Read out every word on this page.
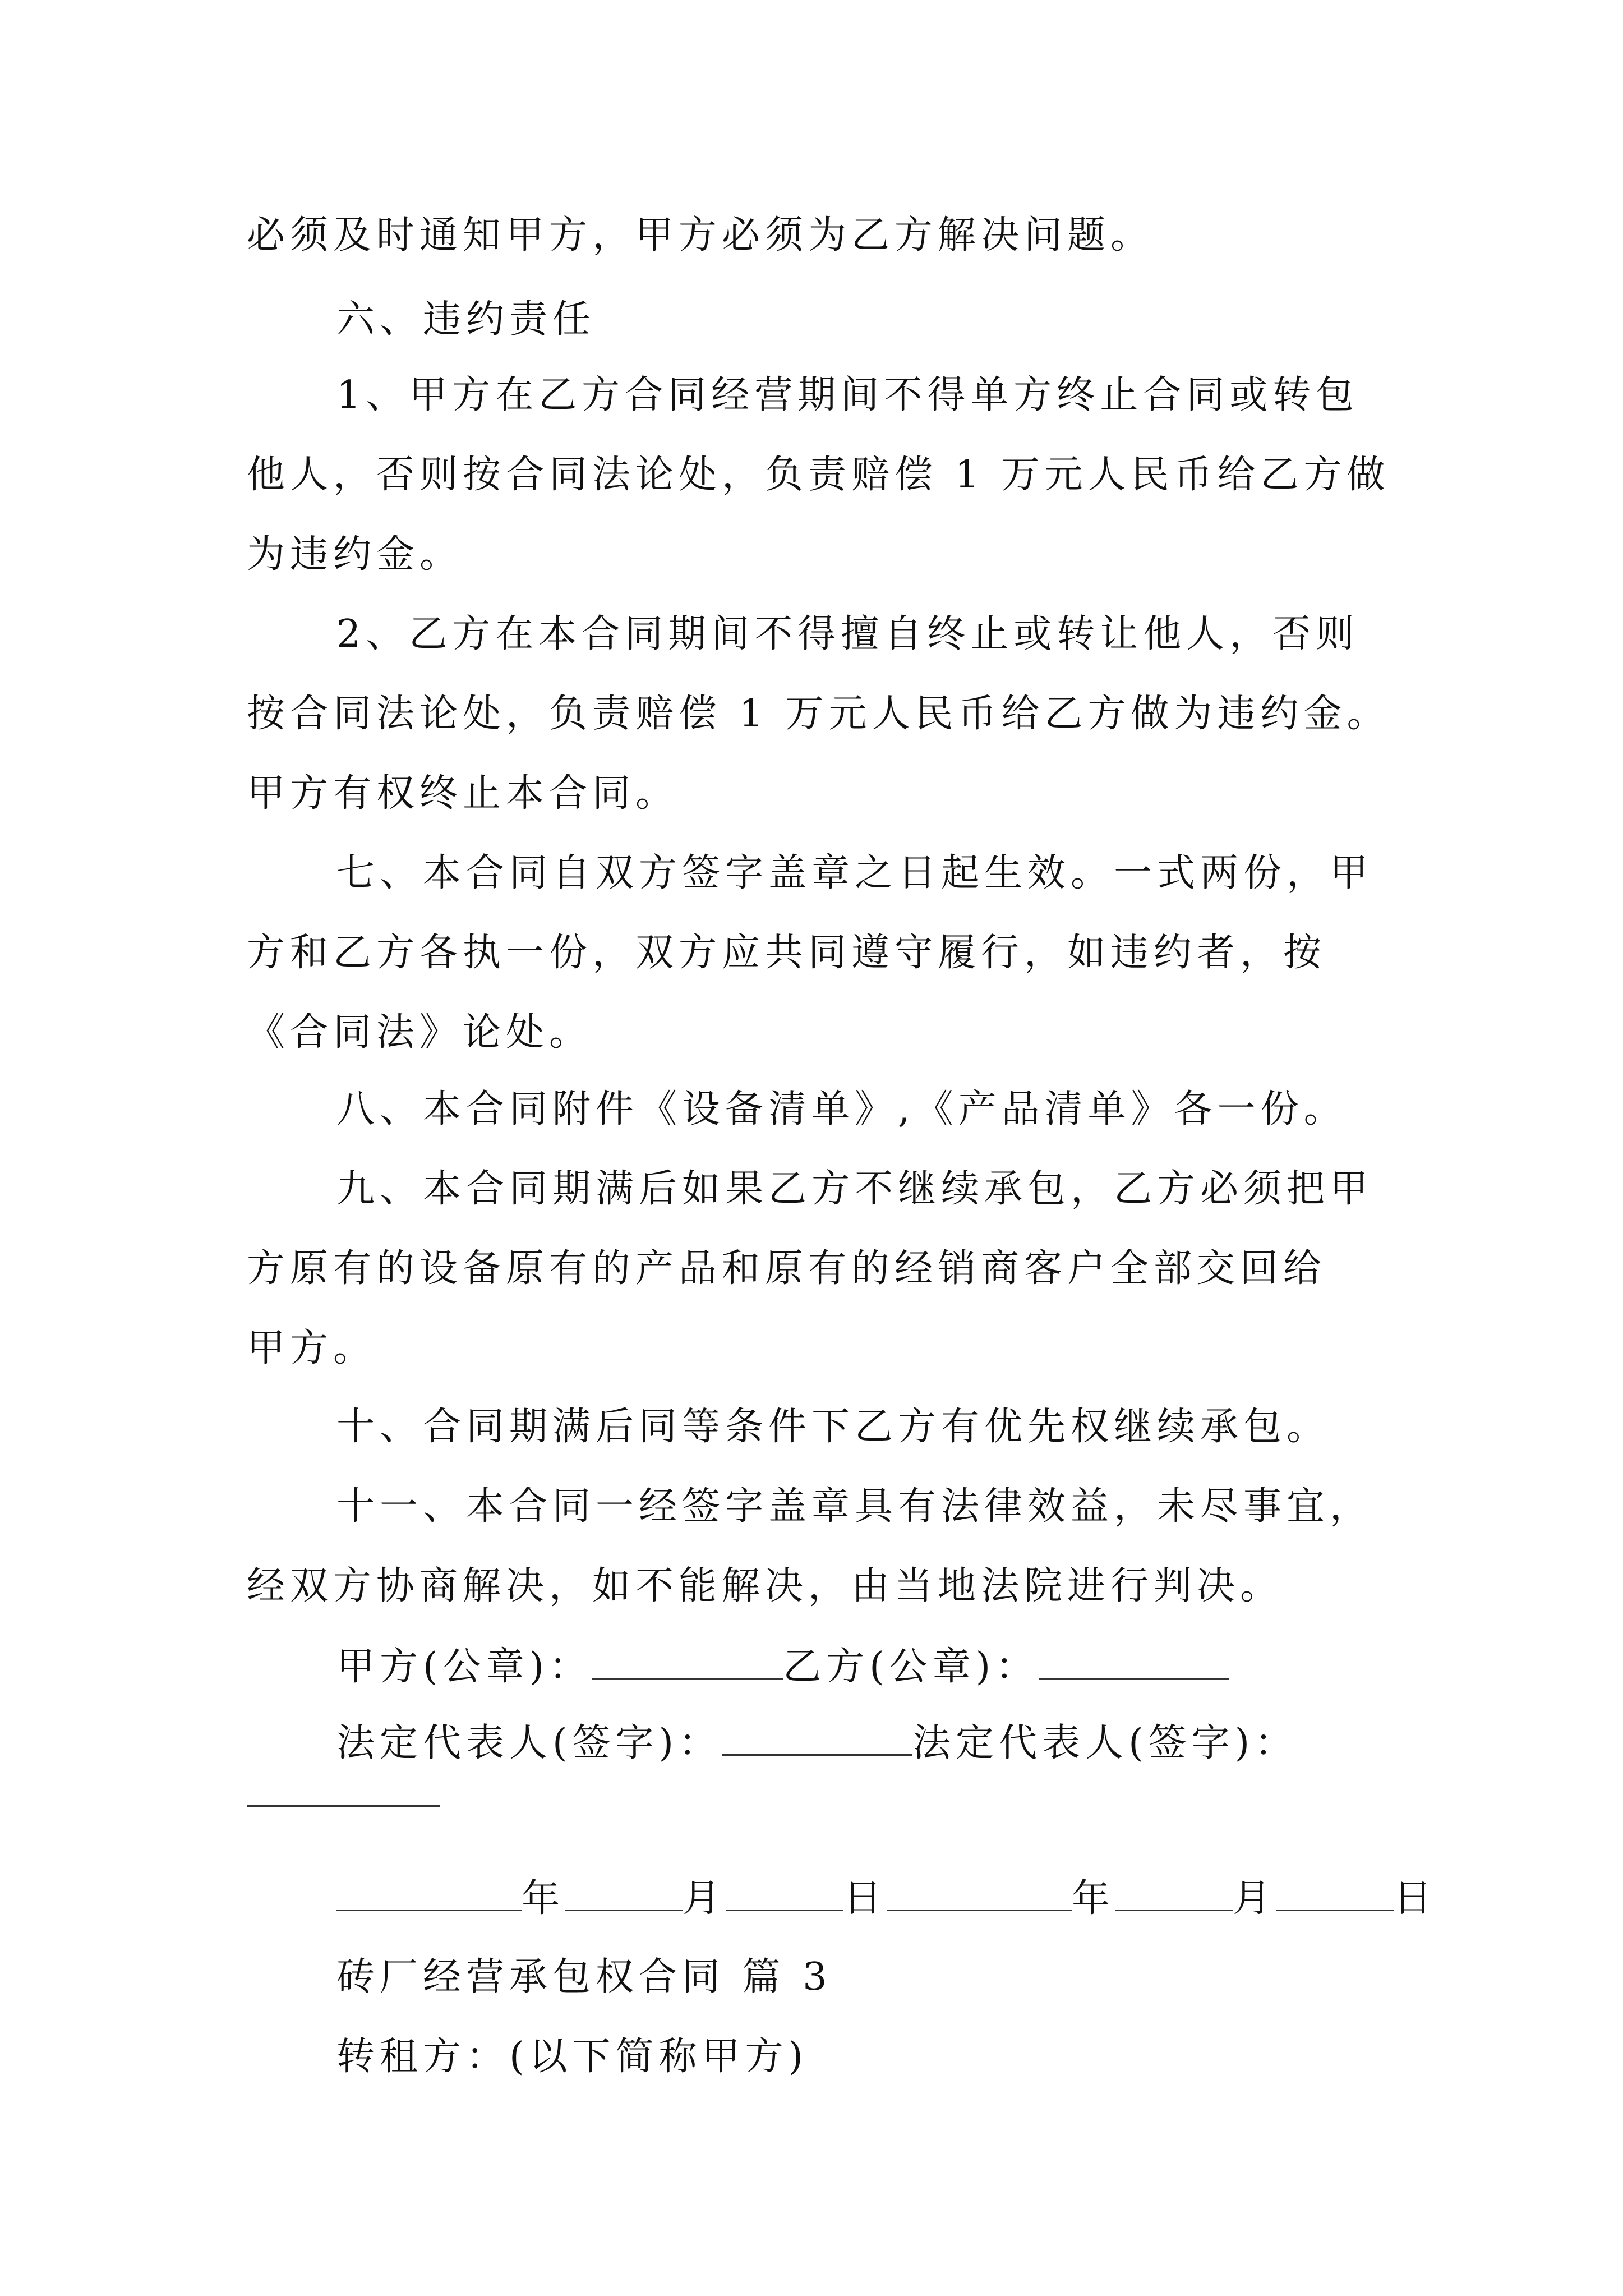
必须及时通知甲方，甲方必须为乙方解决问题。
六、违约责任
1、甲方在乙方合同经营期间不得单方终止合同或转包
他人，否则按合同法论处，负责赔偿 1 万元人民币给乙方做
为违约金。
2、乙方在本合同期间不得擅自终止或转让他人，否则
按合同法论处，负责赔偿 1 万元人民币给乙方做为违约金。
甲方有权终止本合同。
七、本合同自双方签字盖章之日起生效。一式两份，甲
方和乙方各执一份，双方应共同遵守履行，如违约者，按
《合同法》论处。
八、本合同附件《设备清单》,《产品清单》各一份。
九、本合同期满后如果乙方不继续承包，乙方必须把甲
方原有的设备原有的产品和原有的经销商客户全部交回给
甲方。
十、合同期满后同等条件下乙方有优先权继续承包。
十一、本合同一经签字盖章具有法律效益，未尽事宜，
经双方协商解决，如不能解决，由当地法院进行判决。
甲方(公章)：	乙方(公章)：
法定代表人(签字)：	法定代表人(签字)：
年	月	日	年	月	日
砖厂经营承包权合同 篇 3
转租方：(以下简称甲方)
